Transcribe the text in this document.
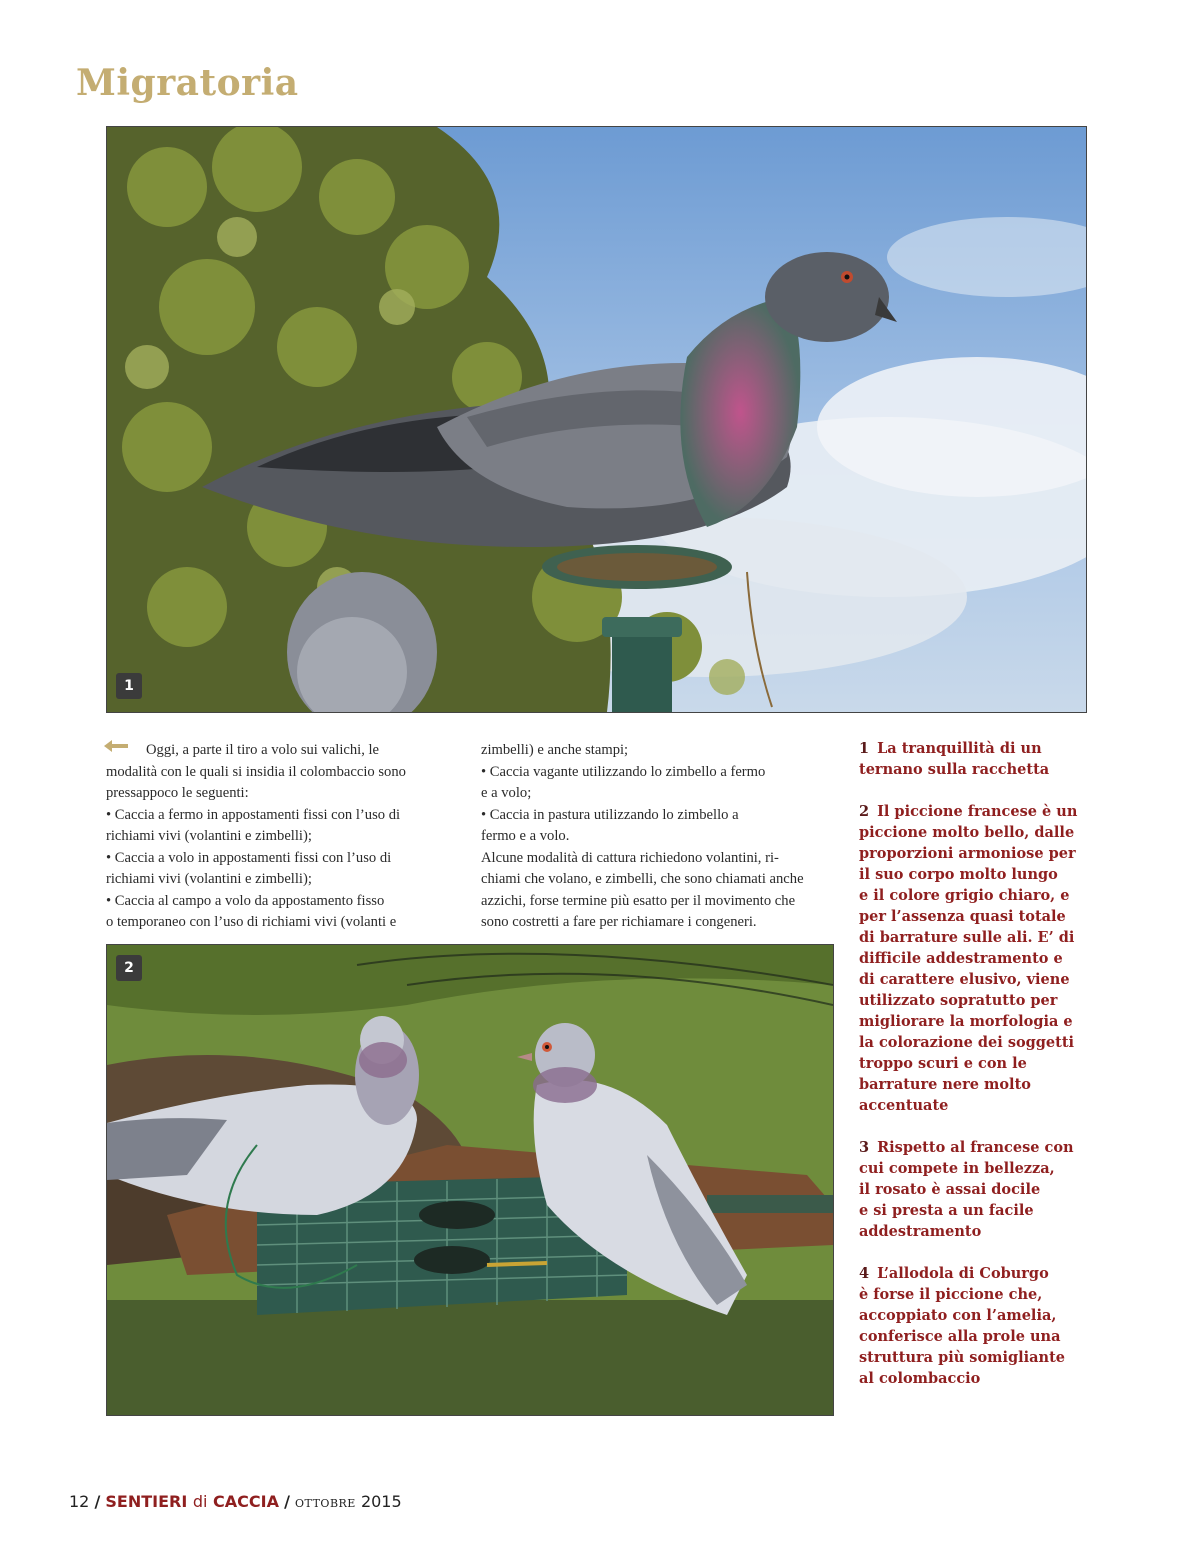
Migratoria
1

Oggi, a parte il tiro a volo sui valichi, le

modalità con le quali si insidia il colombaccio sono

pressappoco le seguenti:

• Caccia a fermo in appostamenti fissi con l’uso di

richiami vivi (volantini e zimbelli);

• Caccia a volo in appostamenti fissi con l’uso di

richiami vivi (volantini e zimbelli);

• Caccia al campo a volo da appostamento fisso

o temporaneo con l’uso di richiami vivi (volanti e

zimbelli) e anche stampi;

• Caccia vagante utilizzando lo zimbello a fermo

e a volo;

• Caccia in pastura utilizzando lo zimbello a

fermo e a volo.

Alcune modalità di cattura richiedono volantini, ri-

chiami che volano, e zimbelli, che sono chiamati anche

azzichi, forse termine più esatto per il movimento che

sono costretti a fare per richiamare i congeneri.

2
1 La tranquillità di un
ternano sulla racchetta
2 Il piccione francese è un
piccione molto bello, dalle
proporzioni armoniose per
il suo corpo molto lungo
e il colore grigio chiaro, e
per l’assenza quasi totale
di barrature sulle ali. E’ di
difficile addestramento e
di carattere elusivo, viene
utilizzato sopratutto per
migliorare la morfologia e
la colorazione dei soggetti
troppo scuri e con le
barrature nere molto
accentuate
3 Rispetto al francese con
cui compete in bellezza,
il rosato è assai docile
e si presta a un facile
addestramento
4 L’allodola di Coburgo
è forse il piccione che,
accoppiato con l’amelia,
conferisce alla prole una
struttura più somigliante
al colombaccio
12 / SENTIERI di CACCIA / ottobre 2015
